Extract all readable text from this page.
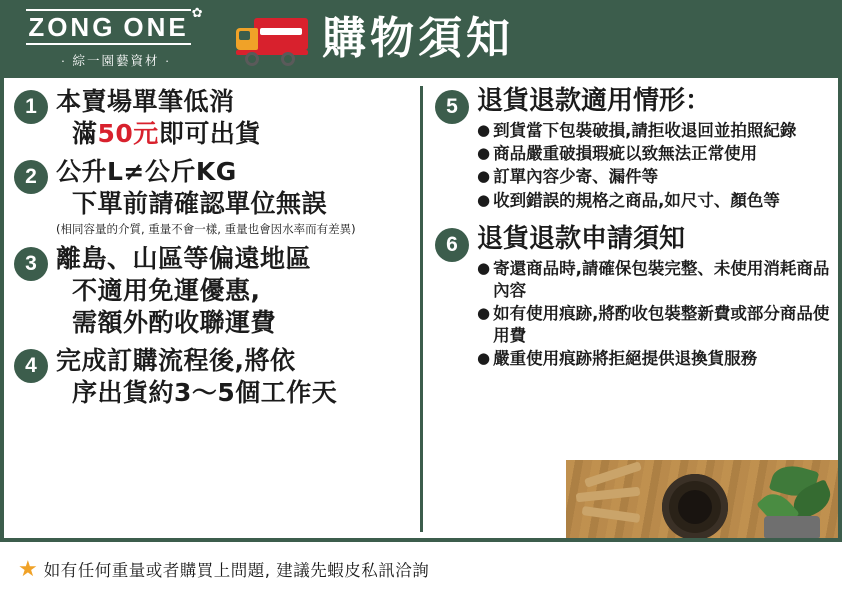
ZONG ONE ✿
· 綜一園藝資材 ·	購物須知
1 本賣場單筆低消
滿50元即可出貨
2 公升L≠公斤KG
下單前請確認單位無誤
(相同容量的介質, 重量不會一樣, 重量也會因水率而有差異)
3 離島、山區等偏遠地區
不適用免運優惠,
需額外酌收聯運費
4 完成訂購流程後,將依
序出貨約3～5個工作天
5 退貨退款適用情形：
● 到貨當下包裝破損,請拒收退回並拍照紀錄
● 商品嚴重破損瑕疵以致無法正常使用
● 訂單內容少寄、漏件等
● 收到錯誤的規格之商品,如尺寸、顏色等
6 退貨退款申請須知
● 寄還商品時,請確保包裝完整、未使用消耗商品內容
● 如有使用痕跡,將酌收包裝整新費或部分商品使用費
● 嚴重使用痕跡將拒絕提供退換貨服務
★ 如有任何重量或者購買上問題, 建議先蝦皮私訊洽詢
